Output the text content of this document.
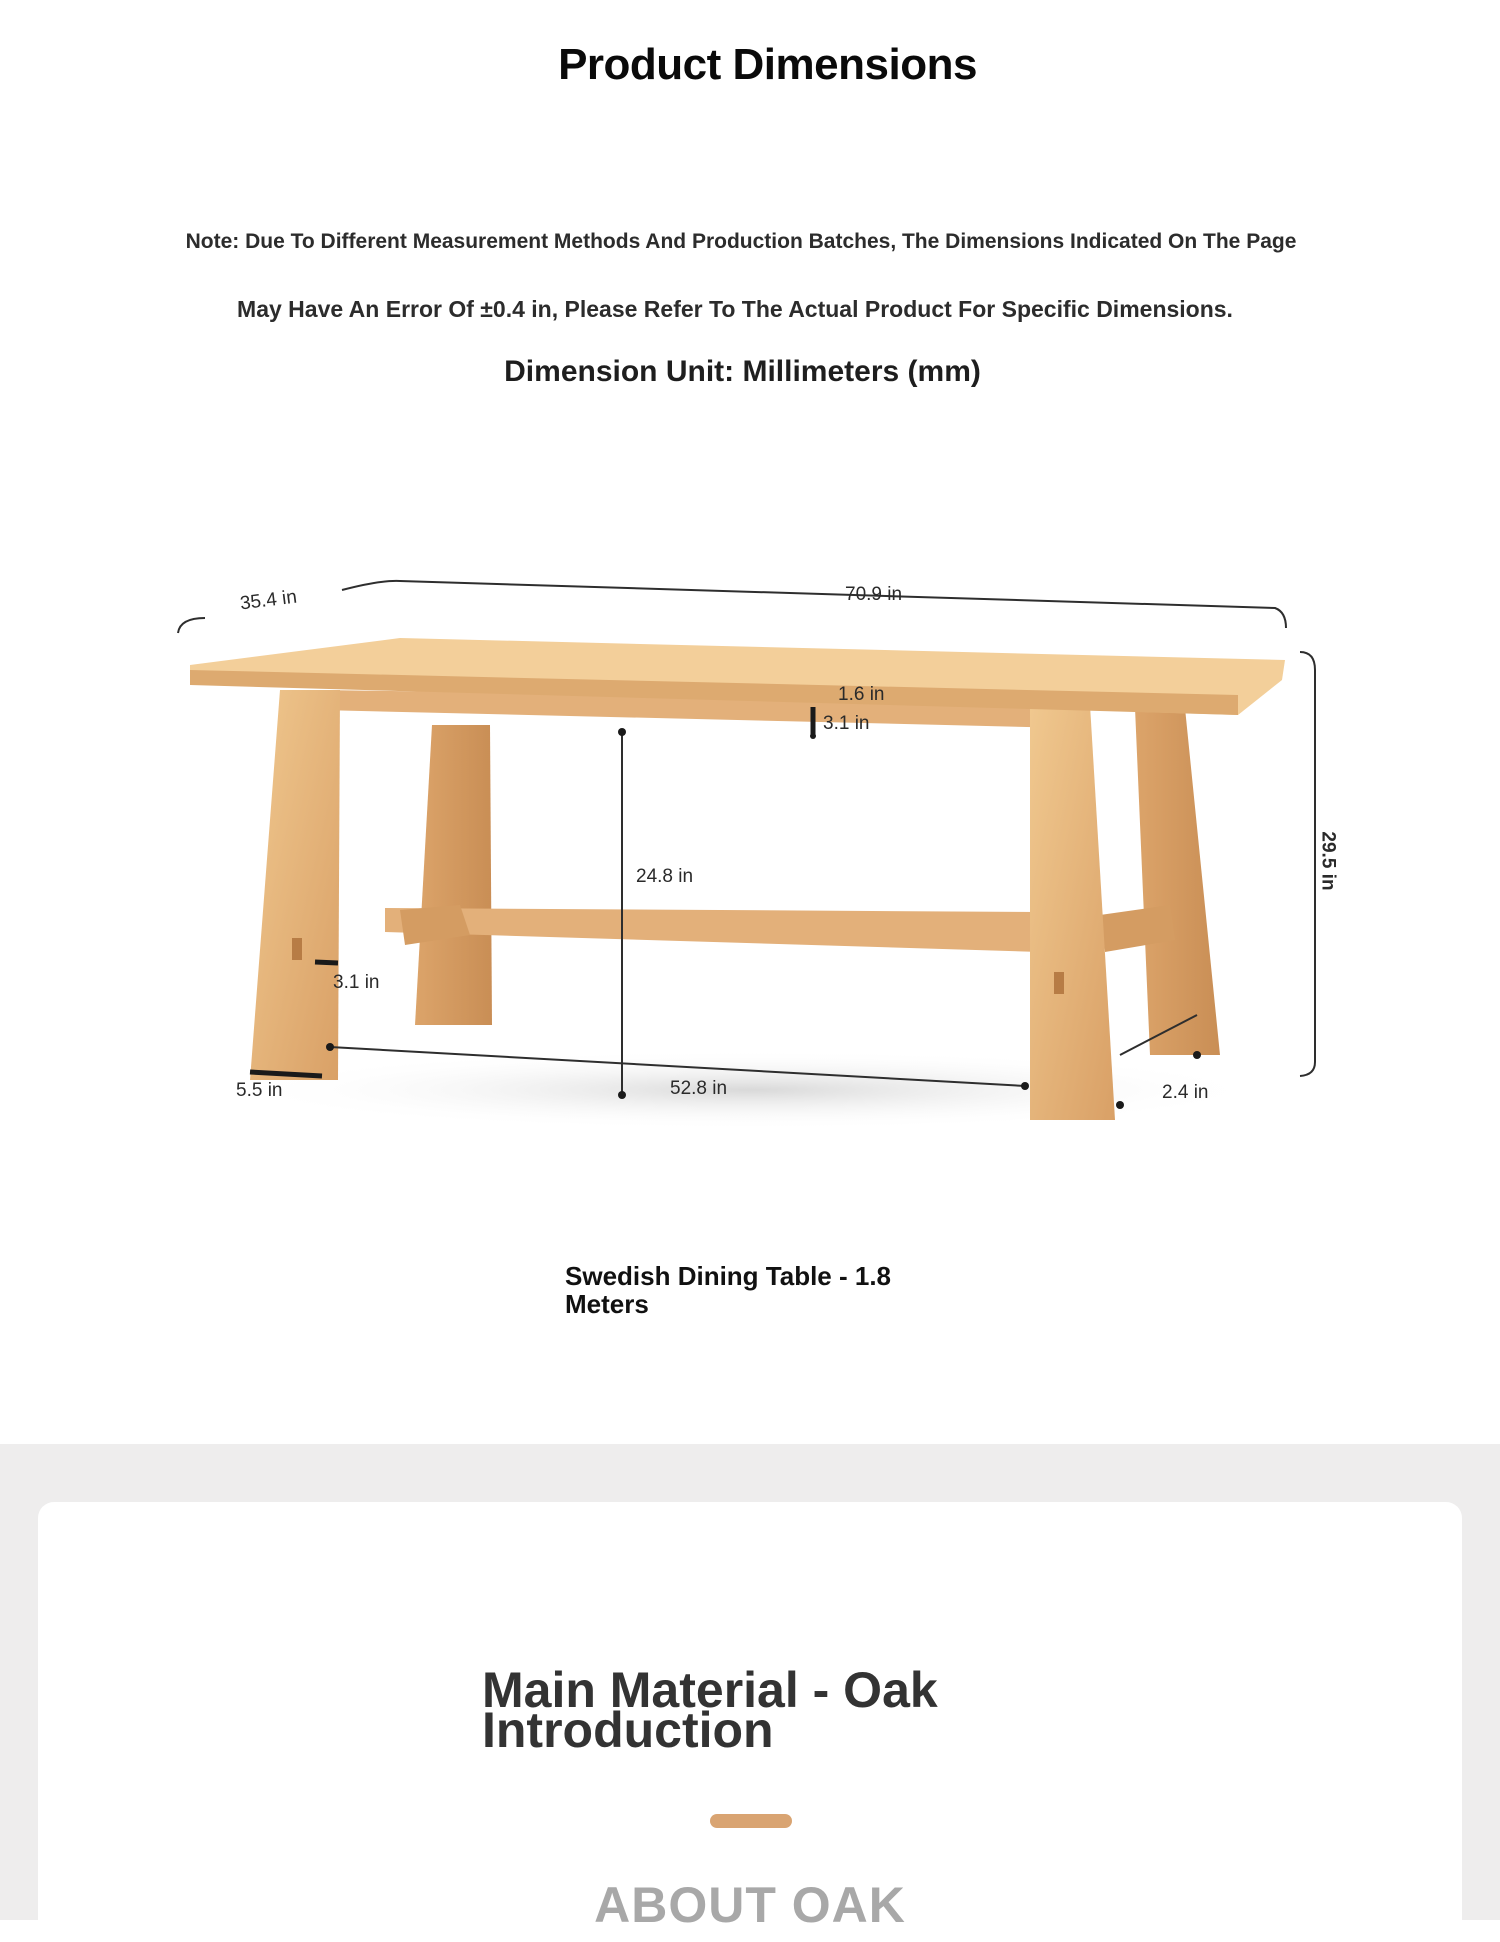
Product Dimensions
Note: Due To Different Measurement Methods And Production Batches, The Dimensions Indicated On The Page
May Have An Error Of ±0.4 in, Please Refer To The Actual Product For Specific Dimensions.
Dimension Unit: Millimeters (mm)
35.4 in	70.9 in
1.6 in
3.1 in
29.5 in
24.8 in
3.1 in
5.5 in	52.8 in	2.4 in
Swedish Dining Table - 1.8 Meters
Main Material - Oak Introduction
ABOUT OAK
